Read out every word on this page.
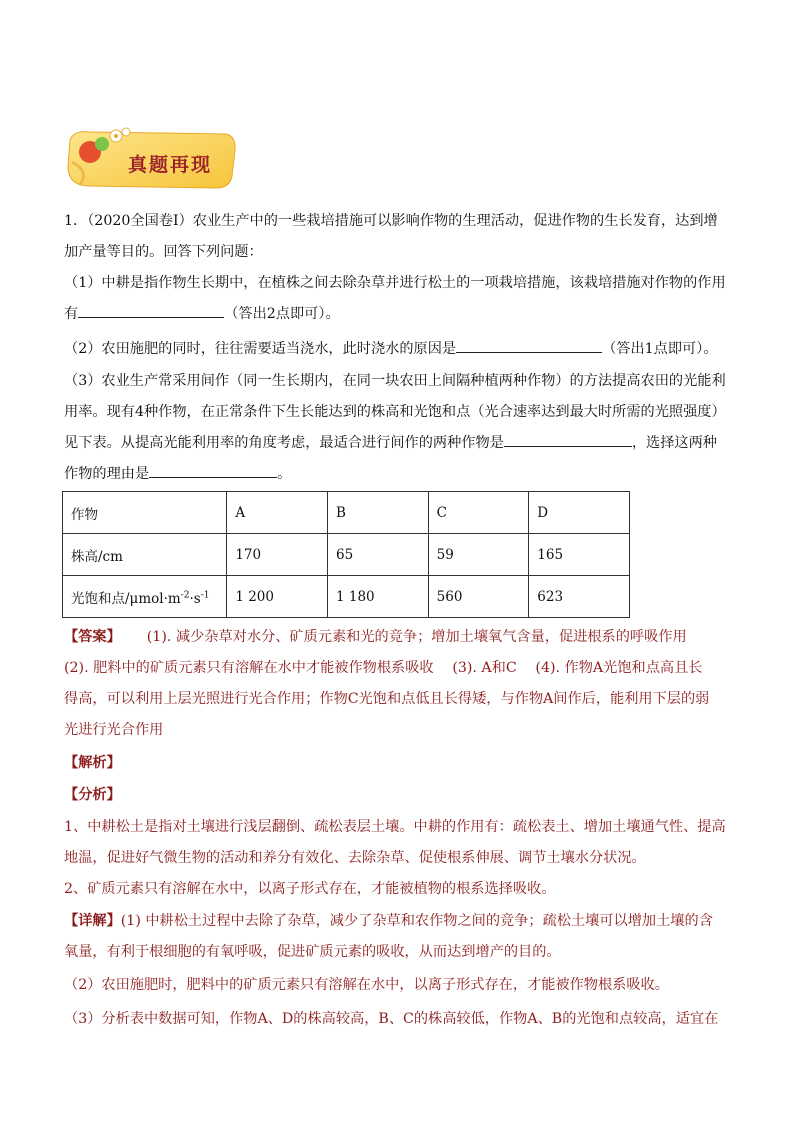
真题再现
1．（2020全国卷Ⅰ）农业生产中的一些栽培措施可以影响作物的生理活动，促进作物的生长发育，达到增
加产量等目的。回答下列问题：
（1）中耕是指作物生长期中，在植株之间去除杂草并进行松土的一项栽培措施，该栽培措施对作物的作用
有	（答出2点即可）。
（2）农田施肥的同时，往往需要适当浇水，此时浇水的原因是	（答出1点即可）。
（3）农业生产常采用间作（同一生长期内，在同一块农田上间隔种植两种作物）的方法提高农田的光能利
用率。现有4种作物，在正常条件下生长能达到的株高和光饱和点（光合速率达到最大时所需的光照强度）
见下表。从提高光能利用率的角度考虑，最适合进行间作的两种作物是	，选择这两种
作物的理由是	。
作物	A	B	C	D
株高/cm	170	65	59	165
光饱和点$/\mu mol\cdot m^{-2}\cdot s^{-1}$	1 200	1 180	560	623
【答案】 (1). 减少杂草对水分、矿质元素和光的竞争；增加土壤氧气含量，促进根系的呼吸作用
(2). 肥料中的矿质元素只有溶解在水中才能被作物根系吸收　 (3). A和C　 (4). 作物A光饱和点高且长
得高，可以利用上层光照进行光合作用；作物C光饱和点低且长得矮，与作物A间作后，能利用下层的弱
光进行光合作用
【解析】
【分析】
1、中耕松土是指对土壤进行浅层翻倒、疏松表层土壤。中耕的作用有：疏松表土、增加土壤通气性、提高
地温，促进好气微生物的活动和养分有效化、去除杂草、促使根系伸展、调节土壤水分状况。
2、矿质元素只有溶解在水中，以离子形式存在，才能被植物的根系选择吸收。
【详解】(1) 中耕松土过程中去除了杂草，减少了杂草和农作物之间的竞争；疏松土壤可以增加土壤的含
氧量，有利于根细胞的有氧呼吸，促进矿质元素的吸收，从而达到增产的目的。
（2）农田施肥时，肥料中的矿质元素只有溶解在水中，以离子形式存在，才能被作物根系吸收。
（3）分析表中数据可知，作物A、D的株高较高，B、C的株高较低，作物A、B的光饱和点较高，适宜在
